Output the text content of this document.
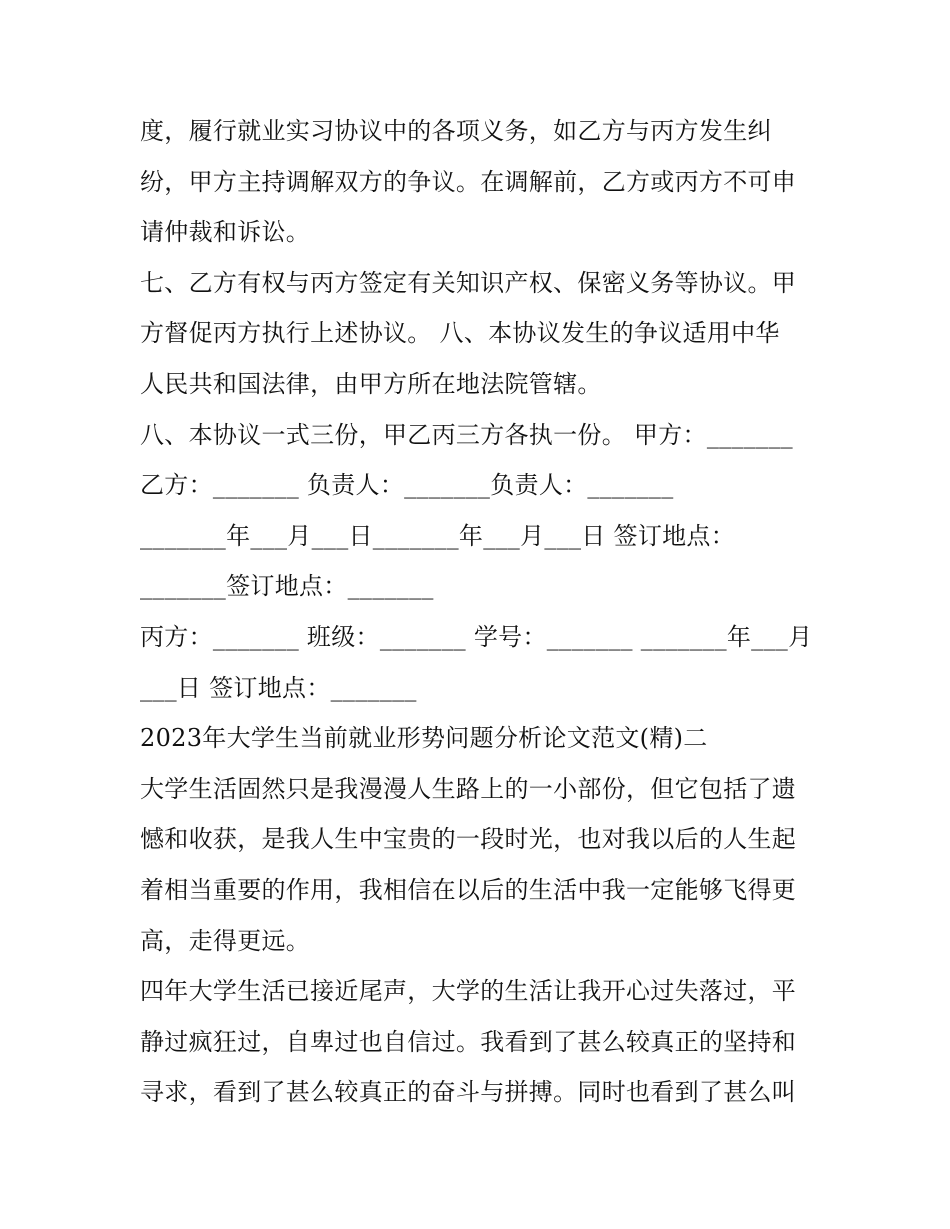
度，履行就业实习协议中的各项义务，如乙方与丙方发生纠
纷，甲方主持调解双方的争议。在调解前，乙方或丙方不可申
请仲裁和诉讼。
七、乙方有权与丙方签定有关知识产权、保密义务等协议。甲
方督促丙方执行上述协议。 八、本协议发生的争议适用中华
人民共和国法律，由甲方所在地法院管辖。
八、本协议一式三份，甲乙丙三方各执一份。 甲方：_______
乙方：_______ 负责人：_______负责人：_______
_______年___月___日_______年___月___日 签订地点：
_______签订地点：_______
丙方：_______ 班级：_______ 学号：_______ _______年___月
___日 签订地点：_______
2023年大学生当前就业形势问题分析论文范文(精)二
大学生活固然只是我漫漫人生路上的一小部份，但它包括了遗
憾和收获，是我人生中宝贵的一段时光，也对我以后的人生起
着相当重要的作用，我相信在以后的生活中我一定能够飞得更
高，走得更远。
四年大学生活已接近尾声，大学的生活让我开心过失落过，平
静过疯狂过，自卑过也自信过。我看到了甚么较真正的坚持和
寻求，看到了甚么较真正的奋斗与拼搏。同时也看到了甚么叫
